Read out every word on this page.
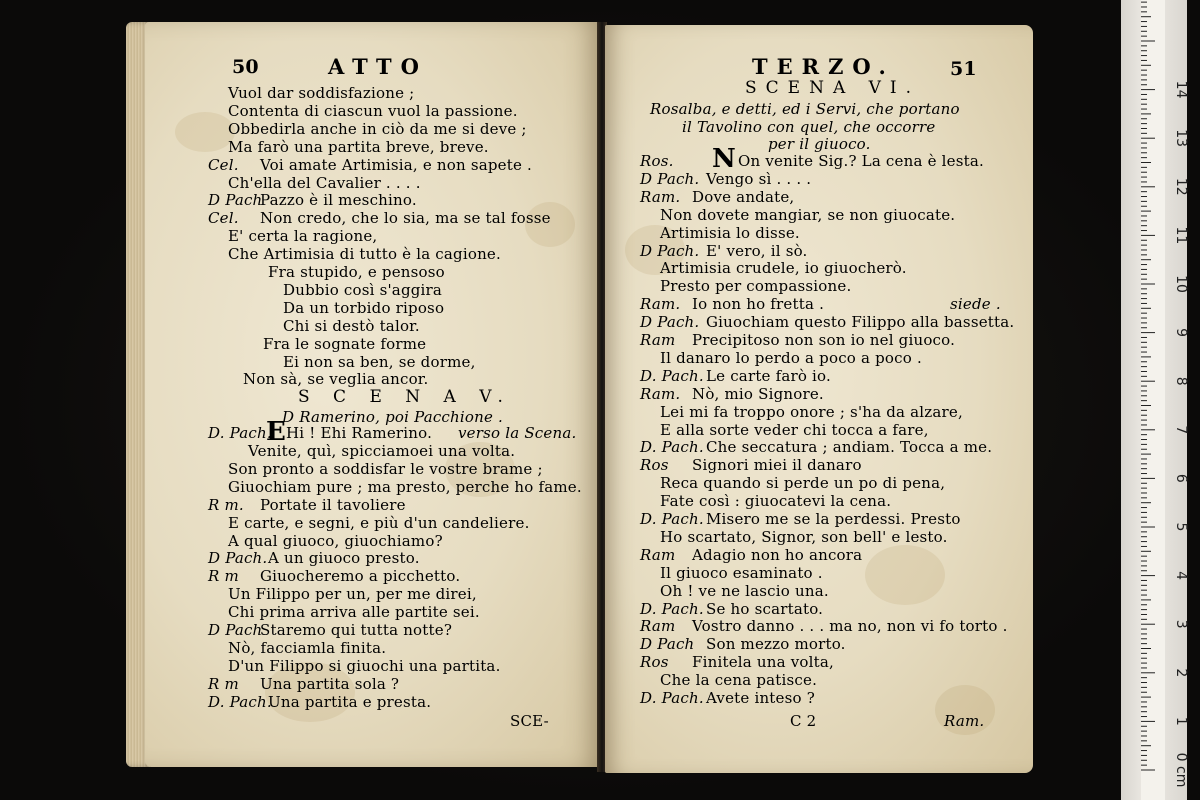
50	ATTO
Vuol dar soddisfazione ;
Contenta di ciascun vuol la passione.
Obbedirla anche in ciò da me si deve ;
Ma farò una partita breve, breve.
Cel. Voi amate Artimisia, e non sapete .
Ch'ella del Cavalier . . . .
D Pach
Pazzo è il meschino.
Cel. Non credo, che lo sia, ma se tal fosse
E' certa la ragione,
Che Artimisia di tutto è la cagione.
Fra stupido, e pensoso
Dubbio così s'aggira
Da un torbido riposo
Chi si destò talor.
Fra le sognate forme
Ei non sa ben, se dorme,
Non sà, se veglia ancor.
S C E N A V.
D Ramerino, poi Pacchione .
D. Pach.
E Hi ! Ehi Ramerino. verso la Scena.
Venite, quì, spicciamoei una volta.
Son pronto a soddisfar le vostre brame ;
Giuochiam pure ; ma presto, perche ho fame.
R m. Portate il tavoliere
E carte, e segni, e più d'un candeliere.
A qual giuoco, giuochiamo?
D Pach. A un giuoco presto.
R m Giuocheremo a picchetto.
Un Filippo per un, per me direi,
Chi prima arriva alle partite sei.
D Pach
Staremo qui tutta notte?
Nò, facciamla finita.
D'un Filippo si giuochi una partita.
R m Una partita sola ?
D. Pach.
Una partita e presta.
SCE-
TERZO.	51
SCENA VI.
Rosalba, e detti, ed i Servi, che portano
il Tavolino con quel, che occorre
per il giuoco.
Ros. N On venite Sig.? La cena è lesta.
D Pach. Vengo sì . . . .
Ram. Dove andate,
Non dovete mangiar, se non giuocate.
Artimisia lo disse.
D Pach. E' vero, il sò.
Artimisia crudele, io giuocherò.
Presto per compassione.
Ram. Io non ho fretta .	siede .
D Pach. Giuochiam questo Filippo alla bassetta.
Ram Precipitoso non son io nel giuoco.
Il danaro lo perdo a poco a poco .
D. Pach. Le carte farò io.
Ram. Nò, mio Signore.
Lei mi fa troppo onore ; s'ha da alzare,
E alla sorte veder chi tocca a fare,
D. Pach. Che seccatura ; andiam. Tocca a me.
Ros Signori miei il danaro
Reca quando si perde un po di pena,
Fate così : giuocatevi la cena.
D. Pach. Misero me se la perdessi. Presto
Ho scartato, Signor, son bell' e lesto.
Ram Adagio non ho ancora
Il giuoco esaminato .
Oh ! ve ne lascio una.
D. Pach. Se ho scartato.
Ram Vostro danno . . . ma no, non vi fo torto .
D Pach Son mezzo morto.
Ros Finitela una volta,
Che la cena patisce.
D. Pach. Avete inteso ?
C 2	Ram.
14
13
12
11
10
9
8
7
6
5
4
3
2
1
0 cm
